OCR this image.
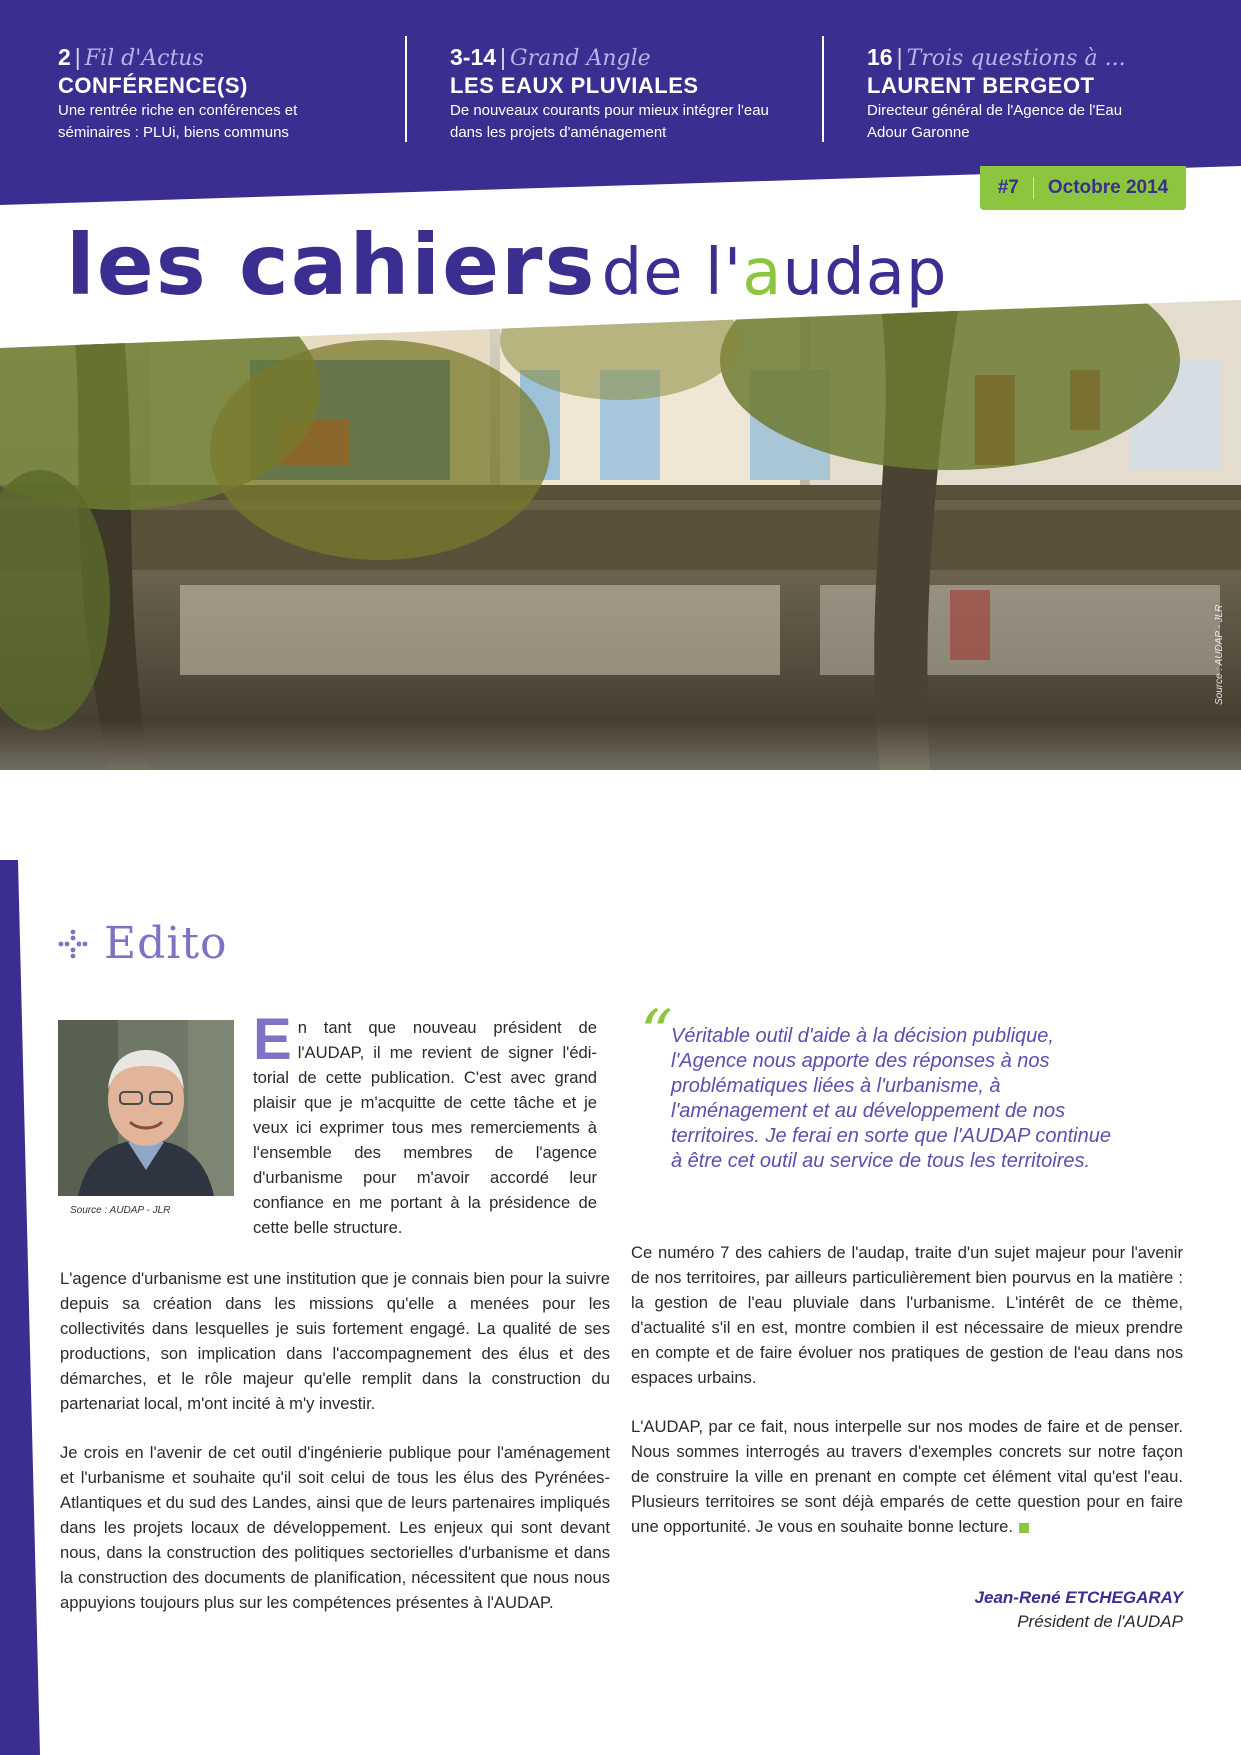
2 | Fil d'Actus
CONFÉRENCE(S)
Une rentrée riche en conférences et
séminaires : PLUi, biens communs
3-14 | Grand Angle
LES EAUX PLUVIALES
De nouveaux courants pour mieux intégrer l'eau
dans les projets d'aménagement
16 | Trois questions à ...
LAURENT BERGEOT
Directeur général de l'Agence de l'Eau
Adour Garonne
#7 Octobre 2014
les cahiers de l'audap
Source : AUDAP - JLR
Edito
Source : AUDAP - JLR
E n tant que nouveau président de l'AUDAP, il me revient de signer l'éditorial de cette publication. C'est avec grand plaisir que je m'acquitte de cette tâche et je veux ici exprimer tous mes remerciements à l'ensemble des membres de l'agence d'urbanisme pour m'avoir accordé leur confiance en me portant à la présidence de cette belle structure.

L'agence d'urbanisme est une institution que je connais bien pour la suivre depuis sa création dans les missions qu'elle a menées pour les collectivités dans lesquelles je suis fortement engagé. La qualité de ses productions, son implication dans l'accompagnement des élus et des démarches, et le rôle majeur qu'elle remplit dans la construction du partenariat local, m'ont incité à m'y investir.

Je crois en l'avenir de cet outil d'ingénierie publique pour l'aménagement et l'urbanisme et souhaite qu'il soit celui de tous les élus des Pyrénées-Atlantiques et du sud des Landes, ainsi que de leurs partenaires impliqués dans les projets locaux de développement. Les enjeux qui sont devant nous, dans la construction des politiques sectorielles d'urbanisme et dans la construction des documents de planification, nécessitent que nous nous appuyions toujours plus sur les compétences présentes à l'AUDAP.

“
Véritable outil d'aide à la décision publique, l'Agence nous apporte des réponses à nos problématiques liées à l'urbanisme, à l'aménagement et au développement de nos territoires. Je ferai en sorte que l'AUDAP continue à être cet outil au service de tous les territoires.

Ce numéro 7 des cahiers de l'audap, traite d'un sujet majeur pour l'avenir de nos territoires, par ailleurs particulièrement bien pourvus en la matière : la gestion de l'eau pluviale dans l'urbanisme. L'intérêt de ce thème, d'actualité s'il en est, montre combien il est nécessaire de mieux prendre en compte et de faire évoluer nos pratiques de gestion de l'eau dans nos espaces urbains.

L'AUDAP, par ce fait, nous interpelle sur nos modes de faire et de penser. Nous sommes interrogés au travers d'exemples concrets sur notre façon de construire la ville en prenant en compte cet élément vital qu'est l'eau. Plusieurs territoires se sont déjà emparés de cette question pour en faire une opportunité. Je vous en souhaite bonne lecture.

Jean-René ETCHEGARAY
Président de l'AUDAP
